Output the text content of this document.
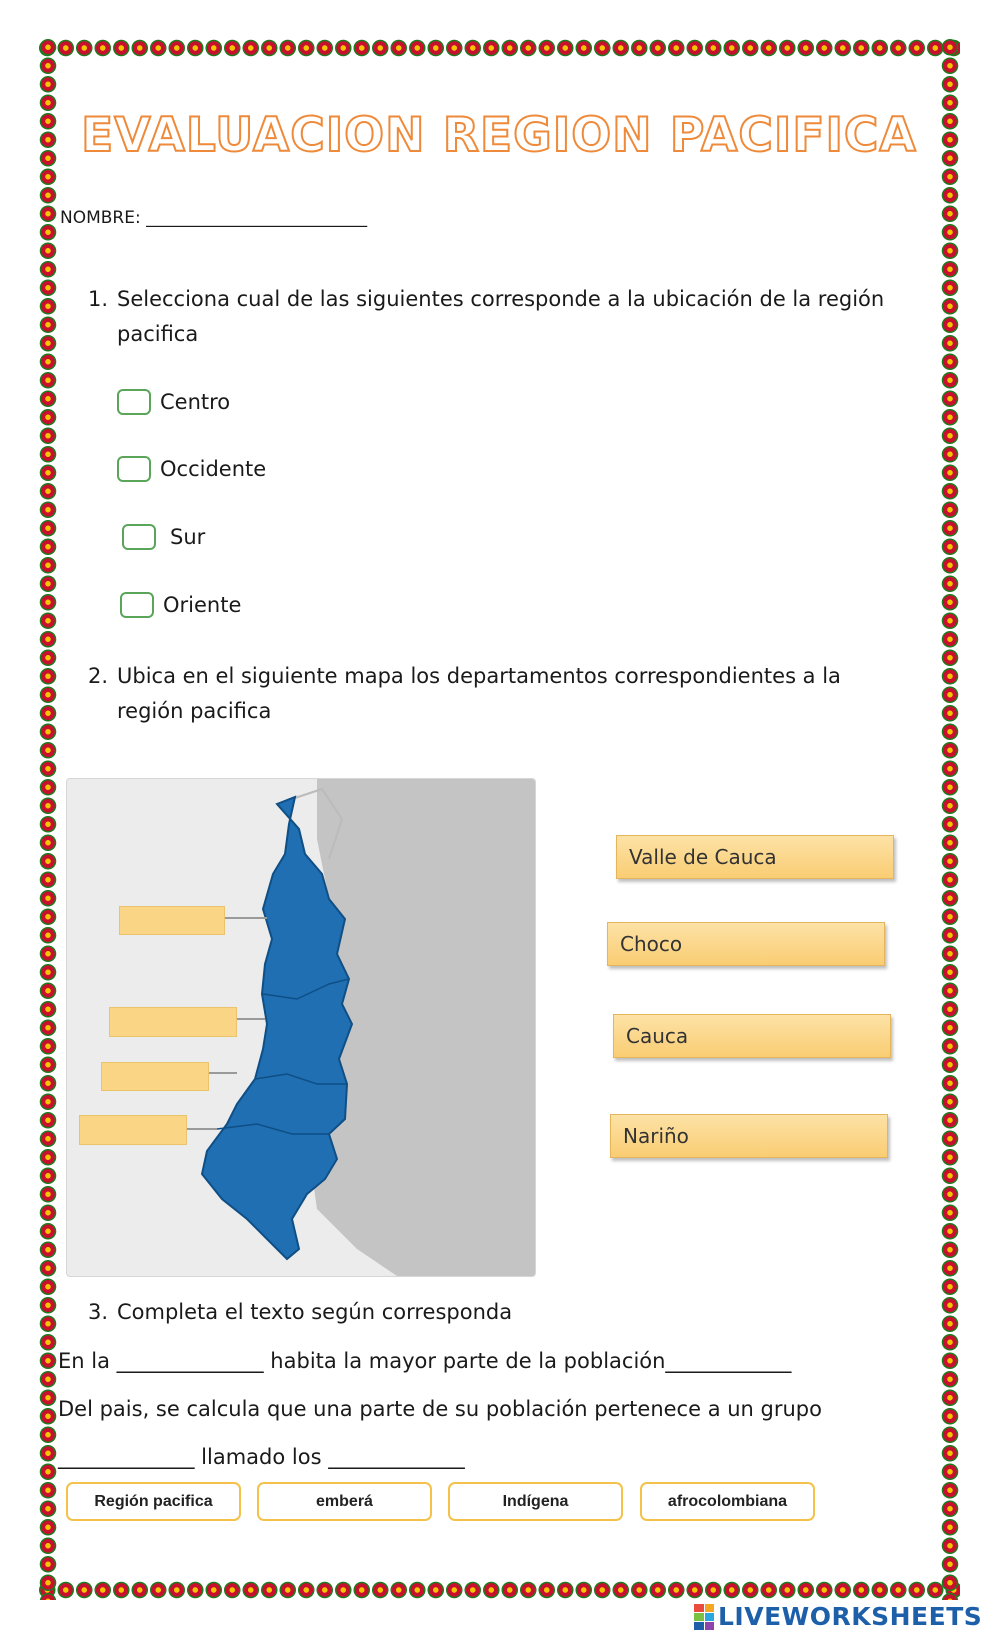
EVALUACION REGION PACIFICA
NOMBRE: __________________________
1. Selecciona cual de las siguientes corresponde a la ubicación de la región
pacifica
Centro
Occidente
Sur
Oriente
2. Ubica en el siguiente mapa los departamentos correspondientes a la
región pacifica
Valle de Cauca
Choco
Cauca
Nariño
3. Completa el texto según corresponda
En la ______________ habita la mayor parte de la población____________
Del pais, se calcula que una parte de su población pertenece a un grupo
_____________ llamado los _____________
Región pacifica	emberá	Indígena	afrocolombiana
LIVEWORKSHEETS
